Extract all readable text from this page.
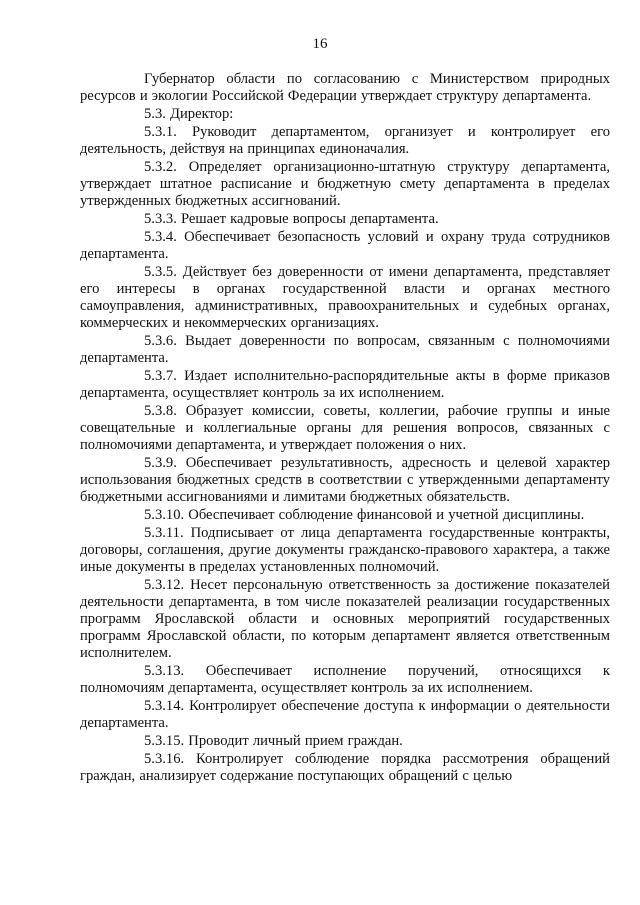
16

Губернатор области по согласованию с Министерством природных ресурсов и экологии Российской Федерации утверждает структуру департамента.

5.3. Директор:

5.3.1. Руководит департаментом, организует и контролирует его деятельность, действуя на принципах единоначалия.

5.3.2. Определяет организационно-штатную структуру департамента, утверждает штатное расписание и бюджетную смету департамента в пределах утвержденных бюджетных ассигнований.

5.3.3. Решает кадровые вопросы департамента.

5.3.4. Обеспечивает безопасность условий и охрану труда сотрудников департамента.

5.3.5. Действует без доверенности от имени департамента, представляет его интересы в органах государственной власти и органах местного самоуправления, административных, правоохранительных и судебных органах, коммерческих и некоммерческих организациях.

5.3.6. Выдает доверенности по вопросам, связанным с полномочиями департамента.

5.3.7. Издает исполнительно-распорядительные акты в форме приказов департамента, осуществляет контроль за их исполнением.

5.3.8. Образует комиссии, советы, коллегии, рабочие группы и иные совещательные и коллегиальные органы для решения вопросов, связанных с полномочиями департамента, и утверждает положения о них.

5.3.9. Обеспечивает результативность, адресность и целевой характер использования бюджетных средств в соответствии с утвержденными департаменту бюджетными ассигнованиями и лимитами бюджетных обязательств.

5.3.10. Обеспечивает соблюдение финансовой и учетной дисциплины.

5.3.11. Подписывает от лица департамента государственные контракты, договоры, соглашения, другие документы гражданско-правового характера, а также иные документы в пределах установленных полномочий.

5.3.12. Несет персональную ответственность за достижение показателей деятельности департамента, в том числе показателей реализации государственных программ Ярославской области и основных мероприятий государственных программ Ярославской области, по которым департамент является ответственным исполнителем.

5.3.13. Обеспечивает исполнение поручений, относящихся к полномочиям департамента, осуществляет контроль за их исполнением.

5.3.14. Контролирует обеспечение доступа к информации о деятельности департамента.

5.3.15. Проводит личный прием граждан.

5.3.16. Контролирует соблюдение порядка рассмотрения обращений граждан, анализирует содержание поступающих обращений с целью
